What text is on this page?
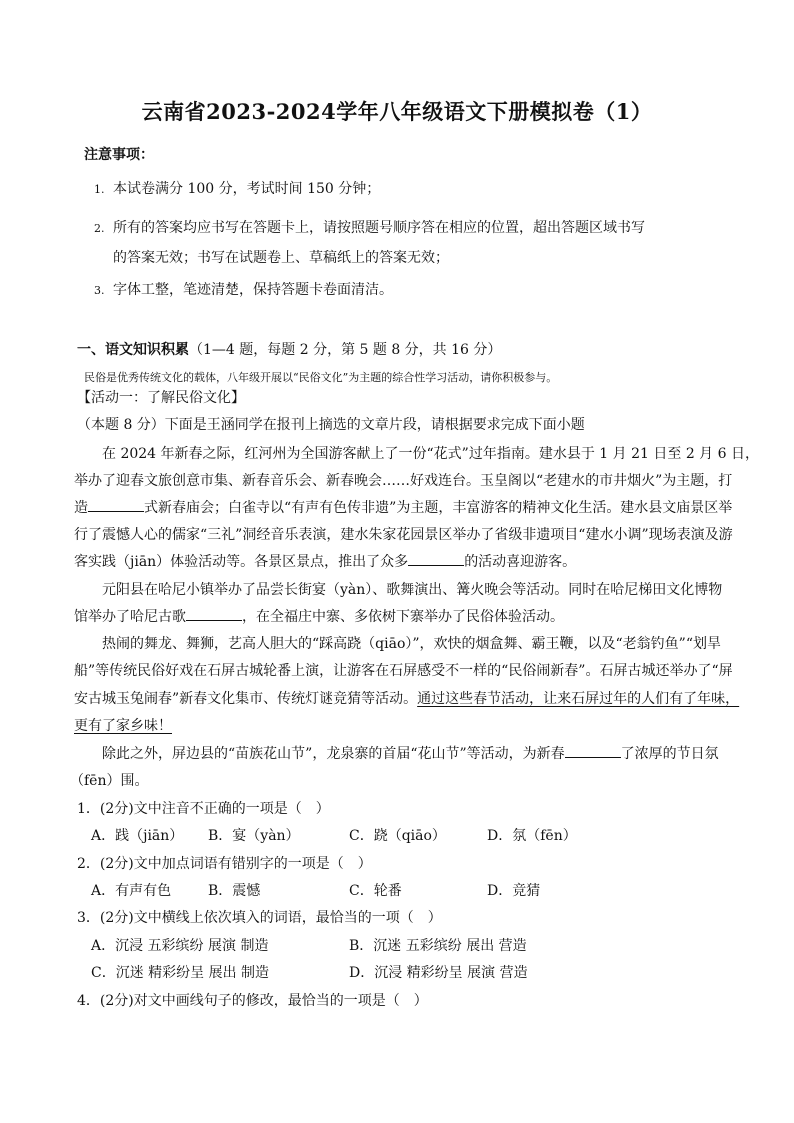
云南省2023-2024学年八年级语文下册模拟卷（1）
注意事项：
1. 本试卷满分 100 分，考试时间 150 分钟；
2. 所有的答案均应书写在答题卡上，请按照题号顺序答在相应的位置，超出答题区域书写
的答案无效；书写在试题卷上、草稿纸上的答案无效；
3. 字体工整，笔迹清楚，保持答题卡卷面清洁。
一、语文知识积累（1—4 题，每题 2 分，第 5 题 8 分，共 16 分）
民俗是优秀传统文化的载体，八年级开展以“民俗文化”为主题的综合性学习活动，请你积极参与。
【活动一：了解民俗文化】
（本题 8 分）下面是王涵同学在报刊上摘选的文章片段，请根据要求完成下面小题
在 2024 年新春之际，红河州为全国游客献上了一份“花式”过年指南。建水县于 1 月 21 日至 2 月 6 日，
举办了迎春文旅创意市集、新春音乐会、新春晚会……好戏连台。玉皇阁以“老建水的市井烟火”为主题，打
造	式新春庙会；白雀寺以“有声有色传非遗”为主题，丰富游客的精神文化生活。建水县文庙景区举
行了震憾人心的儒家“三礼”洞经音乐表演，建水朱家花园景区举办了省级非遗项目“建水小调”现场表演及游
客实践（jiān）体验活动等。各景区景点，推出了众多	的活动喜迎游客。
元阳县在哈尼小镇举办了品尝长街宴（yàn）、歌舞演出、篝火晚会等活动。同时在哈尼梯田文化博物
馆举办了哈尼古歌	，在全福庄中寨、多依树下寨举办了民俗体验活动。
热闹的舞龙、舞狮，艺高人胆大的“踩高跷（qiāo）”，欢快的烟盒舞、霸王鞭，以及“老翁钓鱼”“划旱
船”等传统民俗好戏在石屏古城轮番上演，让游客在石屏感受不一样的“民俗闹新春”。石屏古城还举办了“屏
安古城玉兔闹春”新春文化集市、传统灯谜竞猜等活动。通过这些春节活动，让来石屏过年的人们有了年味，
更有了家乡味！
除此之外，屏边县的“苗族花山节”，龙泉寨的首届“花山节”等活动，为新春	了浓厚的节日氛
（fēn）围。
1．(2分)文中注音不正确的一项是（　）
A．践（jiān） B．宴（yàn）	C．跷（qiāo）	D．氛（fēn）
2．(2分)文中加点词语有错别字的一项是（　）
A．有声有色	B．震憾	C．轮番	D．竞猜
3．(2分)文中横线上依次填入的词语，最恰当的一项（　）
A．沉浸 五彩缤纷 展演 制造	B．沉迷 五彩缤纷 展出 营造
C．沉迷 精彩纷呈 展出 制造	D．沉浸 精彩纷呈 展演 营造
4．(2分)对文中画线句子的修改，最恰当的一项是（　）
